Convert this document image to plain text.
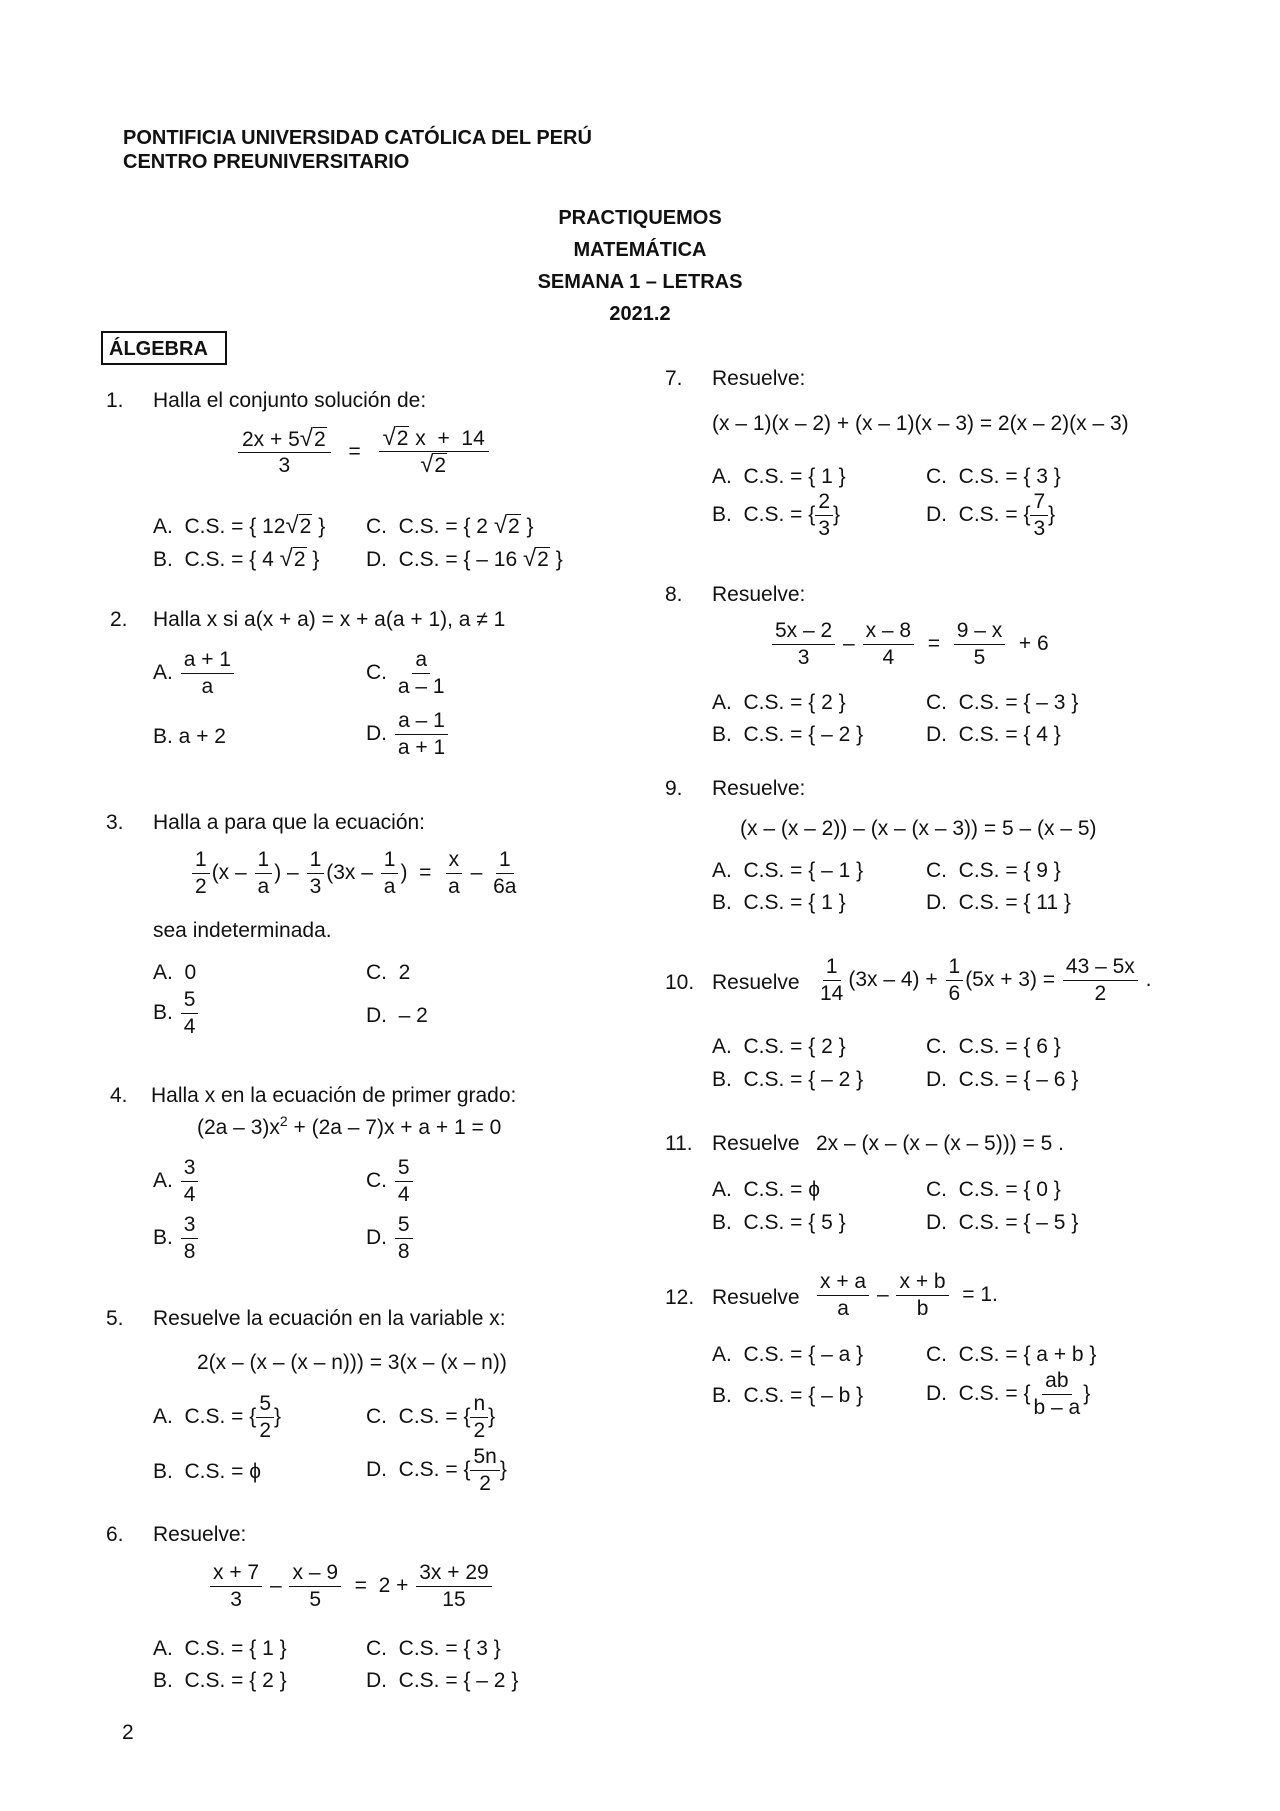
PONTIFICIA UNIVERSIDAD CATÓLICA DEL PERÚ
CENTRO PREUNIVERSITARIO
PRACTIQUEMOS
MATEMÁTICA
SEMANA 1 – LETRAS
2021.2
ÁLGEBRA
1. Halla el conjunto solución de:
$\frac{2x + 5 √ 2}{3} = \frac{√ 2 x + 14}{√ 2}$
A.  C.S. = { 12 √ 2 }
B.  C.S. = { 4 √ 2 }
C.  C.S. = { 2 √ 2 }
D.  C.S. = { – 16 √ 2 }
2. Halla x si a(x + a) = x + a(a + 1), a ≠ 1
A. $\frac{a + 1}{a}$
B. a + 2
C. $\frac{a}{a - 1}$
D. $\frac{a - 1}{a + 1}$
3. Halla a para que la ecuación:
$\frac{1}{2} (x - \frac{1}{a}$ ) – $\frac{1}{3} (3x - \frac{1}{a}$ )  = $\frac{x}{a} - \frac{1}{6a}$
sea indeterminada.
A.  0
B. $\frac{5}{4}$
C.  2
D.  – 2
4. Halla x en la ecuación de primer grado:
$(2a - 3)x^2 + (2a - 7)x + a + 1 = 0$
A. $\frac{3}{4}$
B. $\frac{3}{8}$
C. $\frac{5}{4}$
D. $\frac{5}{8}$
5. Resuelve la ecuación en la variable x:
2(x – (x – (x – n))) = 3(x – (x – n))
A.  C.S. = { $\frac{5}{2}$ }
B.  C.S. = ϕ
C.  C.S. = { $\frac{n}{2}$ }
D.  C.S. = { $\frac{5n}{2}$ }
6. Resuelve:
$\frac{x + 7}{3} - \frac{x - 9}{5} = 2 + \frac{3x + 29}{15}$
A.  C.S. = { 1 }
B.  C.S. = { 2 }
C.  C.S. = { 3 }
D.  C.S. = { – 2 }
7. Resuelve:
(x – 1)(x – 2) + (x – 1)(x – 3) = 2(x – 2)(x – 3)
A.  C.S. = { 1 }
B.  C.S. = { $\frac{2}{3}$ }
C.  C.S. = { 3 }
D.  C.S. = { $\frac{7}{3}$ }
8. Resuelve:
$\frac{5x - 2}{3} - \frac{x - 8}{4} = \frac{9 - x}{5} + 6$
A.  C.S. = { 2 }
B.  C.S. = { – 2 }
C.  C.S. = { – 3 }
D.  C.S. = { 4 }
9. Resuelve:
(x – (x – 2)) – (x – (x – 3)) = 5 – (x – 5)
A.  C.S. = { – 1 }
B.  C.S. = { 1 }
C.  C.S. = { 9 }
D.  C.S. = { 11 }
10. Resuelve $\frac{1}{14} (3x - 4) + \frac{1}{6} (5x + 3) = \frac{43 - 5x}{2}$ .
A.  C.S. = { 2 }
B.  C.S. = { – 2 }
C.  C.S. = { 6 }
D.  C.S. = { – 6 }
11. Resuelve 2x – (x – (x – (x – 5))) = 5 .
A.  C.S. = ϕ
B.  C.S. = { 5 }
C.  C.S. = { 0 }
D.  C.S. = { – 5 }
12. Resuelve $\frac{x + a}{a} - \frac{x + b}{b} = 1$.
A.  C.S. = { – a }
B.  C.S. = { – b }
C.  C.S. = { a + b }
D.  C.S. = { $\frac{ab}{b - a}$ }
2
